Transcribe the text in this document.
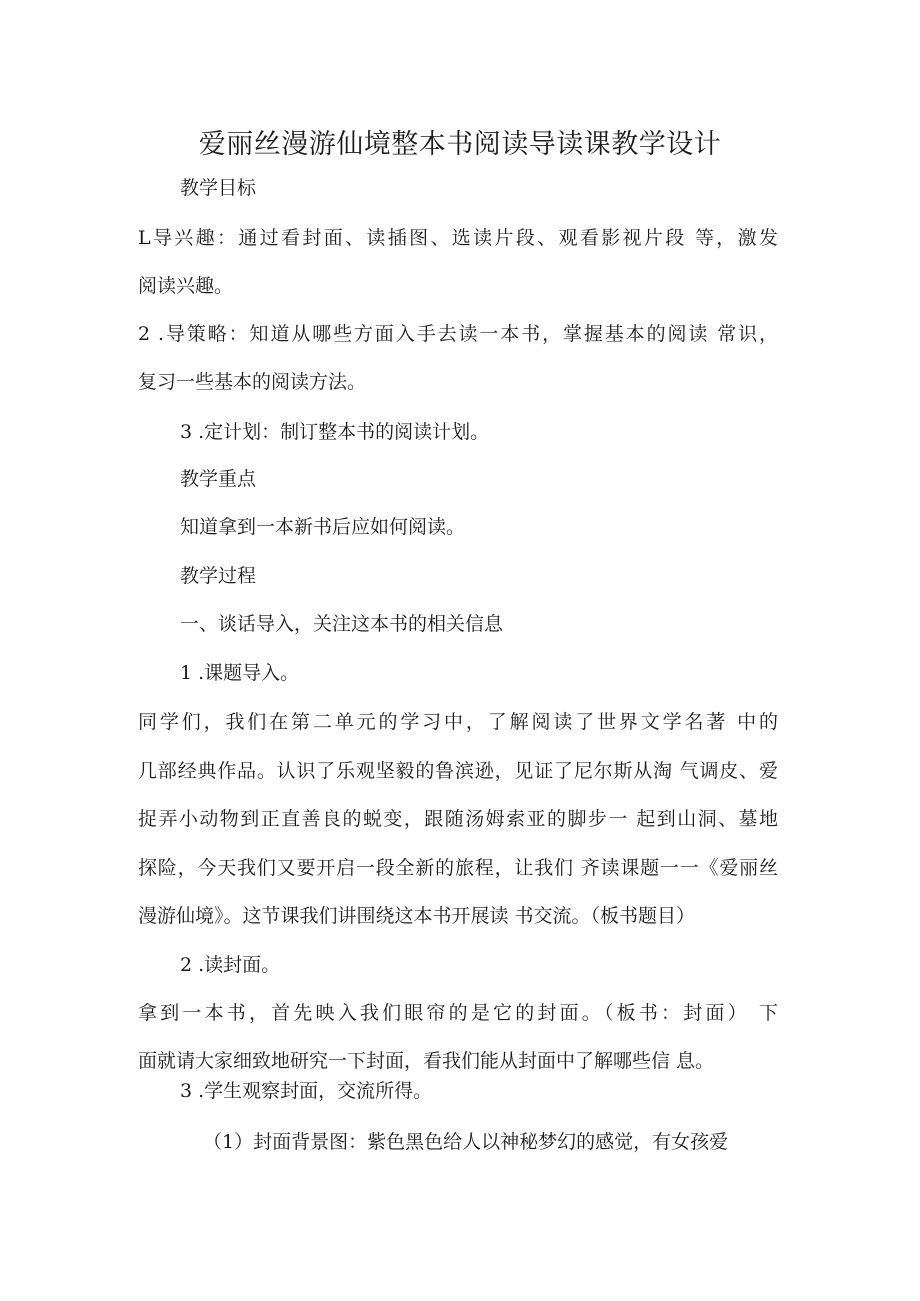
爱丽丝漫游仙境整本书阅读导读课教学设计
教学目标
L导兴趣：通过看封面、读插图、选读片段、观看影视片段 等，激发
阅读兴趣。
2 .导策略：知道从哪些方面入手去读一本书，掌握基本的阅读 常识，
复习一些基本的阅读方法。
3 .定计划：制订整本书的阅读计划。
教学重点
知道拿到一本新书后应如何阅读。
教学过程
一、谈话导入，关注这本书的相关信息
1 .课题导入。
同学们，我们在第二单元的学习中，了解阅读了世界文学名著 中的
几部经典作品。认识了乐观坚毅的鲁滨逊，见证了尼尔斯从淘 气调皮、爱
捉弄小动物到正直善良的蜕变，跟随汤姆索亚的脚步一 起到山洞、墓地
探险，今天我们又要开启一段全新的旅程，让我们 齐读课题一一《爱丽丝
漫游仙境》。这节课我们讲围绕这本书开展读 书交流。（板书题目）
2 .读封面。
拿到一本书，首先映入我们眼帘的是它的封面。（板书：封面） 下
面就请大家细致地研究一下封面，看我们能从封面中了解哪些信 息。
3 .学生观察封面，交流所得。
（1）封面背景图：紫色黑色给人以神秘梦幻的感觉，有女孩爱
